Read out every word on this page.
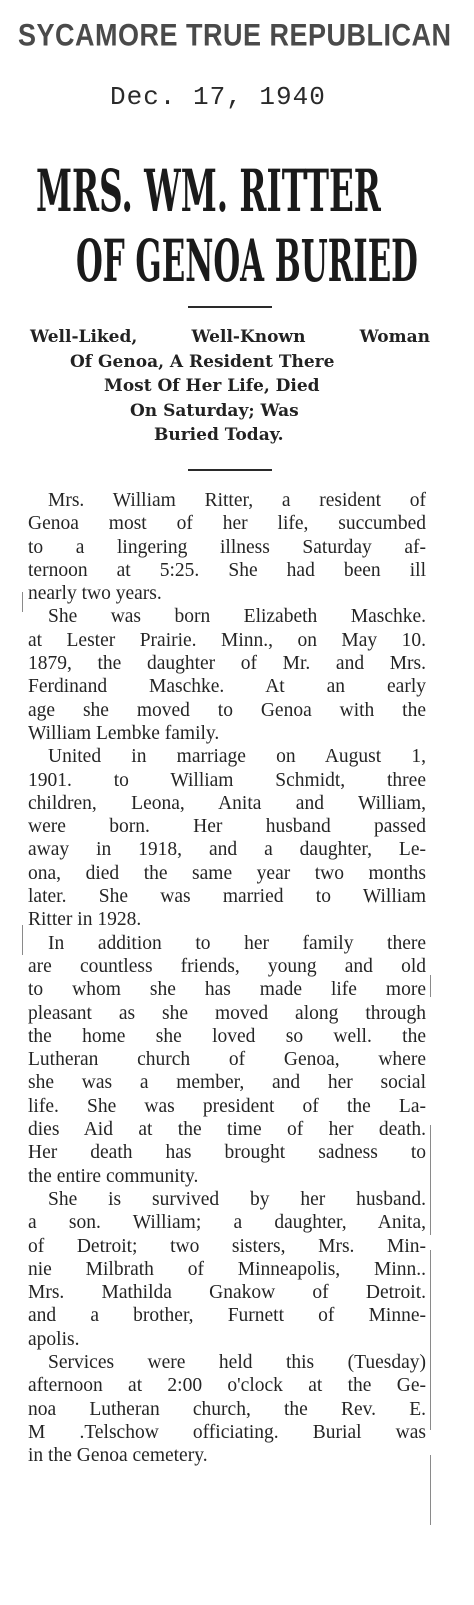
SYCAMORE TRUE REPUBLICAN
Dec. 17, 1940
MRS. WM. RITTER
OF GENOA BURIED
Well-Liked, Well-Known Woman
Of Genoa, A Resident There
Most Of Her Life, Died
On Saturday; Was
Buried Today.
Mrs. William Ritter, a resident of
Genoa most of her life, succumbed
to a lingering illness Saturday af-
ternoon at 5:25. She had been ill
nearly two years.
She was born Elizabeth Maschke.
at Lester Prairie. Minn., on May 10.
1879, the daughter of Mr. and Mrs.
Ferdinand Maschke. At an early
age she moved to Genoa with the
William Lembke family.
United in marriage on August 1,
1901. to William Schmidt, three
children, Leona, Anita and William,
were born. Her husband passed
away in 1918, and a daughter, Le-
ona, died the same year two months
later. She was married to William
Ritter in 1928.
In addition to her family there
are countless friends, young and old
to whom she has made life more
pleasant as she moved along through
the home she loved so well. the
Lutheran church of Genoa, where
she was a member, and her social
life. She was president of the La-
dies Aid at the time of her death.
Her death has brought sadness to
the entire community.
She is survived by her husband.
a son. William; a daughter, Anita,
of Detroit; two sisters, Mrs. Min-
nie Milbrath of Minneapolis, Minn..
Mrs. Mathilda Gnakow of Detroit.
and a brother, Furnett of Minne-
apolis.
Services were held this (Tuesday)
afternoon at 2:00 o'clock at the Ge-
noa Lutheran church, the Rev. E.
M .Telschow officiating. Burial was
in the Genoa cemetery.
